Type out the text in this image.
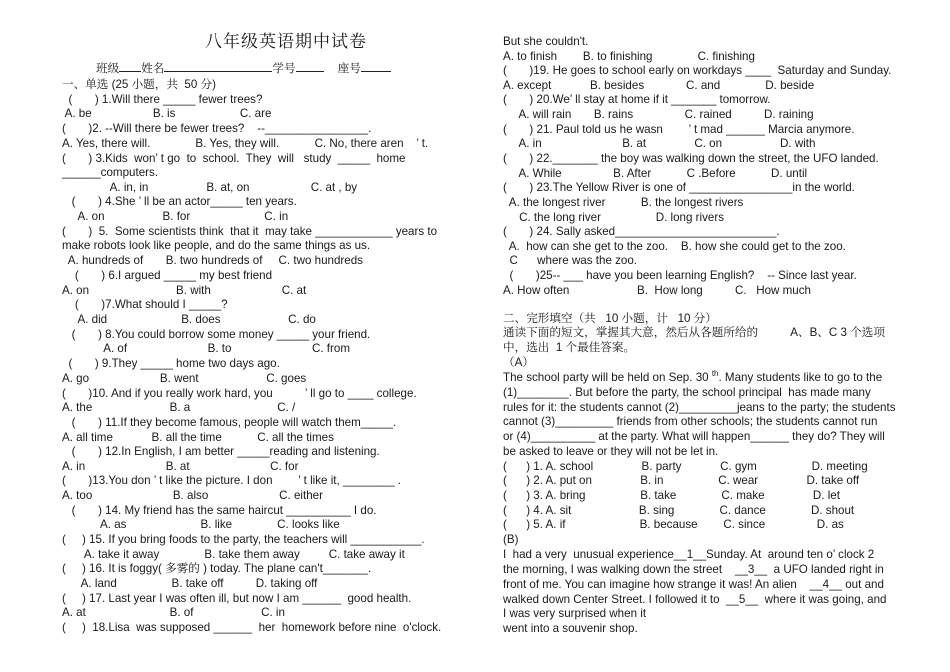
八年级英语期中试卷
班级 姓名	学号	座号
一、单选 (25 小题，共  50 分)
(       ) 1.Will there _____ fewer trees?
A. be                   B. is                    C. are
(       )2. --Will there be fewer trees?    --________________.
A. Yes, there will.              B. Yes, they will.           C. No, there aren    ’ t.
(       ) 3.Kids  won’ t go  to  school.  They  will   study  _____  home
______computers.
A. in, in                  B. at, on                   C. at , by
(       ) 4.She ’ ll be an actor_____ ten years.
A. on                  B. for                       C. in
(       )  5.  Some scientists think  that it  may take ____________ years to
make robots look like people, and do the same things as us.
A. hundreds of       B. two hundreds of     C. two hundreds
(       ) 6.I argued _____ my best friend
A. on                           B. with                      C. at
(       )7.What should I _____?
A. did                       B. does                     C. do
(       ) 8.You could borrow some money _____ your friend.
A. of                         B. to                         C. from
(       ) 9.They _____ home two days ago.
A. go                      B. went                     C. goes
(       )10. And if you really work hard, you          ’ ll go to ____ college.
A. the                        B. a                           C. /
(       ) 11.If they become famous, people will watch them_____.
A. all time            B. all the time           C. all the times
(       ) 12.In English, I am better _____reading and listening.
A. in                         B. at                         C. for
(       )13.You don ’ t like the picture. I don        ’ t like it, ________ .
A. too                         B. also                      C. either
(       ) 14. My friend has the same haircut __________ I do.
A. as                       B. like              C. looks like
(     ) 15. If you bring foods to the party, the teachers will ___________.
A. take it away              B. take them away         C. take away it
(     ) 16. It is foggy( 多雾的 ) today. The plane can't_______.
A. land                 B. take off          D. taking off
(     ) 17. Last year I was often ill, but now I am ______  good health.
A. at                          B. of                     C. in
(     )  18.Lisa  was supposed ______  her  homework before nine  o'clock.
But she couldn't.
A. to finish        B. to finishing              C. finishing
(       )19. He goes to school early on workdays ____  Saturday and Sunday.
A. except            B. besides             C. and              D. beside
(       ) 20.We’ ll stay at home if it _______ tomorrow.
A. will rain       B. rains                C. rained          D. raining
(       ) 21. Paul told us he wasn        ’ t mad ______ Marcia anymore.
A. in                         B. at               C. on                  D. with
(       ) 22._______ the boy was walking down the street, the UFO landed.
A. While                B. After           C .Before           D. until
(       ) 23.The Yellow River is one of ________________in the world.
A. the longest river           B. the longest rivers
C. the long river                 D. long rivers
(       ) 24. Sally asked_________________________.
A.  how can she get to the zoo.    B. how she could get to the zoo.
C      where was the zoo.
(       )25-- ___ have you been learning English?    -- Since last year.
A. How often                     B.  How long          C.   How much
二、完形填空（共   10 小题，计   10 分）
通读下面的短文，掌握其大意，然后从各题所给的          A、B、C 3 个选项
中，选出  1 个最佳答案。
（A）
The school party will be held on Sep. 30 $^{th}$. Many students like to go to the
(1)________. But before the party, the school principal  has made many
rules for it: the students cannot (2)_________jeans to the party; the students
cannot (3)_________ friends from other schools; the students cannot run
or (4)__________ at the party. What will happen______ they do? They will
be asked to leave or they will not be let in.
(      ) 1. A. school               B. party            C. gym                 D. meeting
(      ) 2. A. put on               B. in                 C. wear               D. take off
(      ) 3. A. bring                 B. take              C. make               D. let
(      ) 4. A. sit                     B. sing              C. dance              D. shout
(      ) 5. A. if                       B. because        C. since                D. as
(B)
I  had a very  unusual experience__1__Sunday. At  around ten o’ clock 2
the morning, I was walking down the street    __3__  a UFO landed right in
front of me. You can imagine how strange it was! An alien    __4__ out and
walked down Center Street. I followed it to  __5__  where it was going, and
I was very surprised when it
went into a souvenir shop.
